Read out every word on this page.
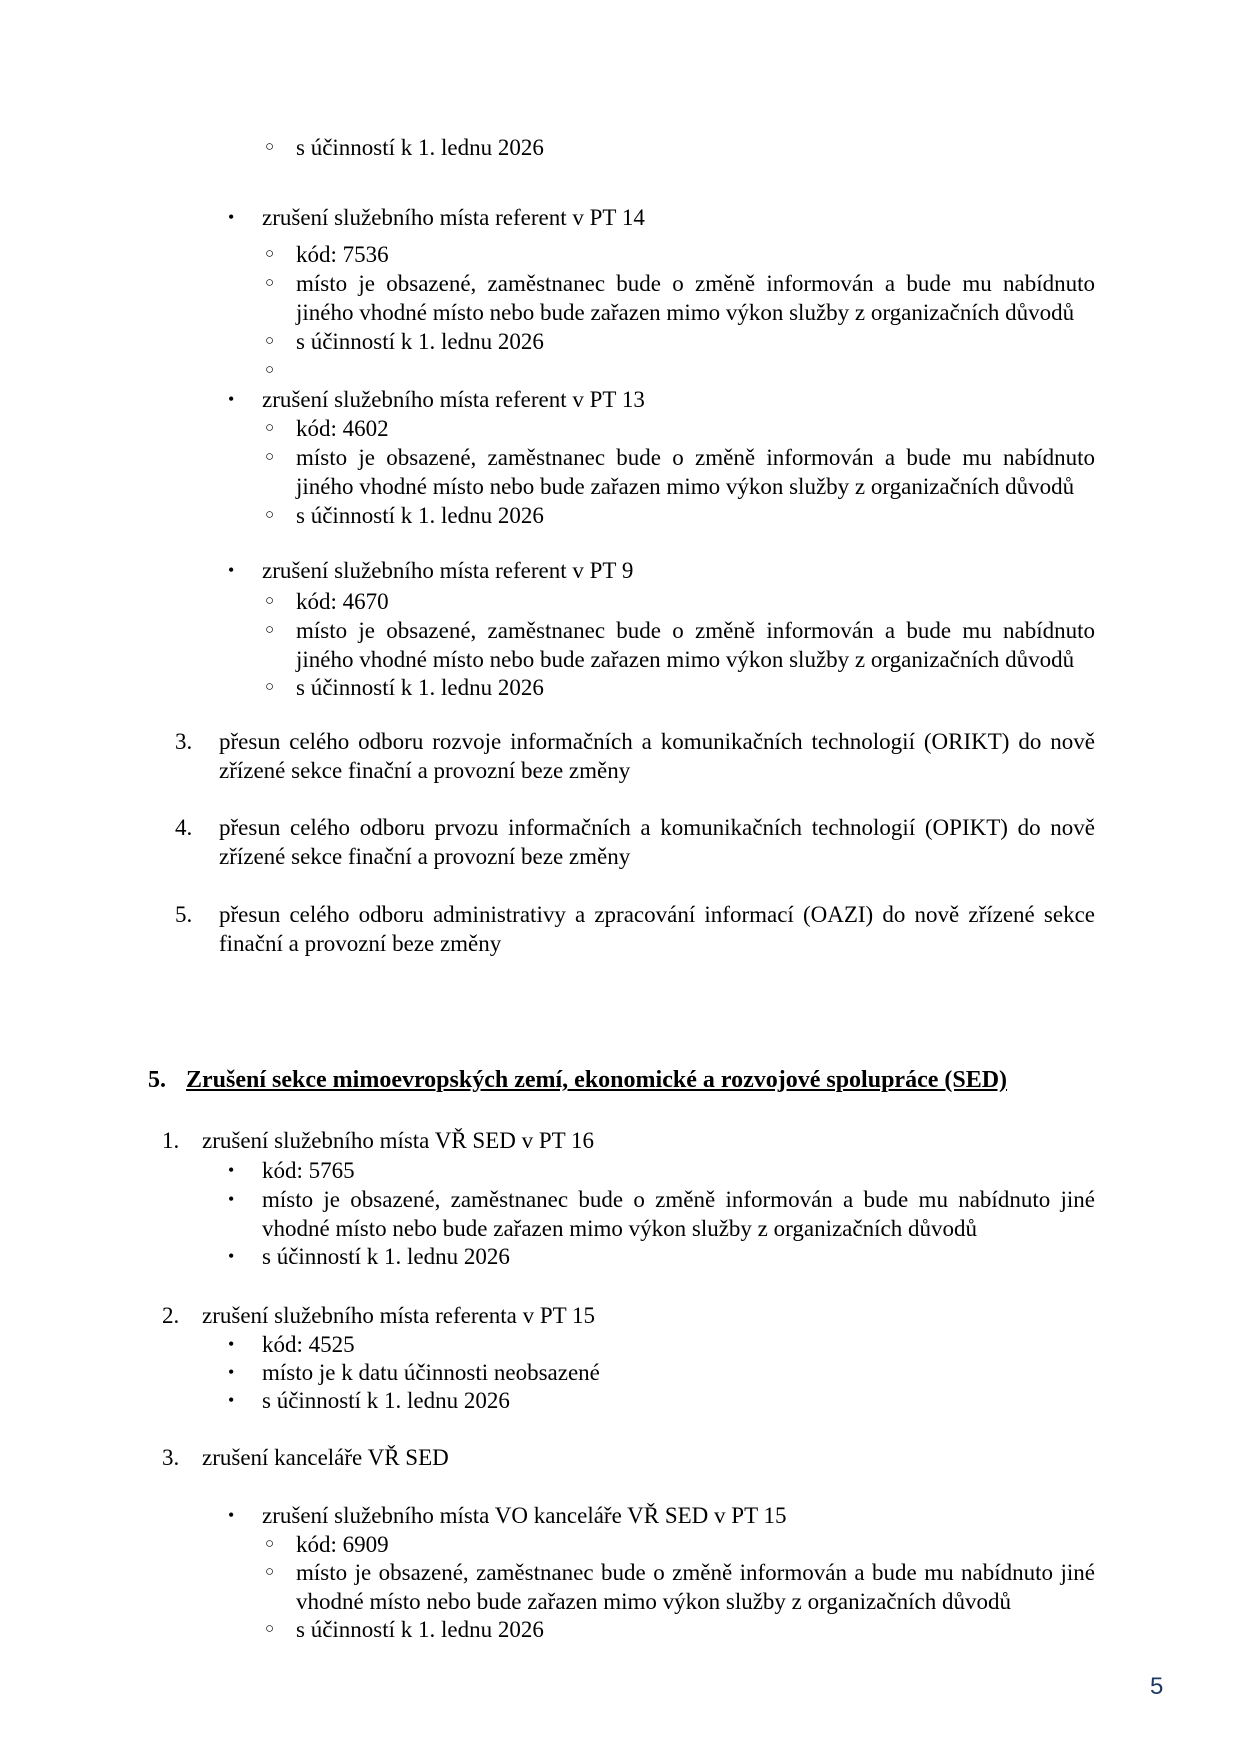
○ s účinností k 1. lednu 2026
• zrušení služebního místa referent v PT 14
○ kód: 7536
○ místo je obsazené, zaměstnanec bude o změně informován a bude mu nabídnuto jiného vhodné místo nebo bude zařazen mimo výkon služby z organizačních důvodů
○ s účinností k 1. lednu 2026
○
• zrušení služebního místa referent v PT 13
○ kód: 4602
○ místo je obsazené, zaměstnanec bude o změně informován a bude mu nabídnuto jiného vhodné místo nebo bude zařazen mimo výkon služby z organizačních důvodů
○ s účinností k 1. lednu 2026
• zrušení služebního místa referent v PT 9
○ kód: 4670
○ místo je obsazené, zaměstnanec bude o změně informován a bude mu nabídnuto jiného vhodné místo nebo bude zařazen mimo výkon služby z organizačních důvodů
○ s účinností k 1. lednu 2026
3. přesun celého odboru rozvoje informačních a komunikačních technologií (ORIKT) do nově zřízené sekce finační a provozní beze změny
4. přesun celého odboru prvozu informačních a komunikačních technologií (OPIKT) do nově zřízené sekce finační a provozní beze změny
5. přesun celého odboru administrativy a zpracování informací (OAZI) do nově zřízené sekce finační a provozní beze změny
5. Zrušení sekce mimoevropských zemí, ekonomické a rozvojové spolupráce (SED)
1. zrušení služebního místa VŘ SED v PT 16
• kód: 5765
• místo je obsazené, zaměstnanec bude o změně informován a bude mu nabídnuto jiné vhodné místo nebo bude zařazen mimo výkon služby z organizačních důvodů
• s účinností k 1. lednu 2026
2. zrušení služebního místa referenta v PT 15
• kód: 4525
• místo je k datu účinnosti neobsazené
• s účinností k 1. lednu 2026
3. zrušení kanceláře VŘ SED
• zrušení služebního místa VO kanceláře VŘ SED v PT 15
○ kód: 6909
○ místo je obsazené, zaměstnanec bude o změně informován a bude mu nabídnuto jiné vhodné místo nebo bude zařazen mimo výkon služby z organizačních důvodů
○ s účinností k 1. lednu 2026
5
